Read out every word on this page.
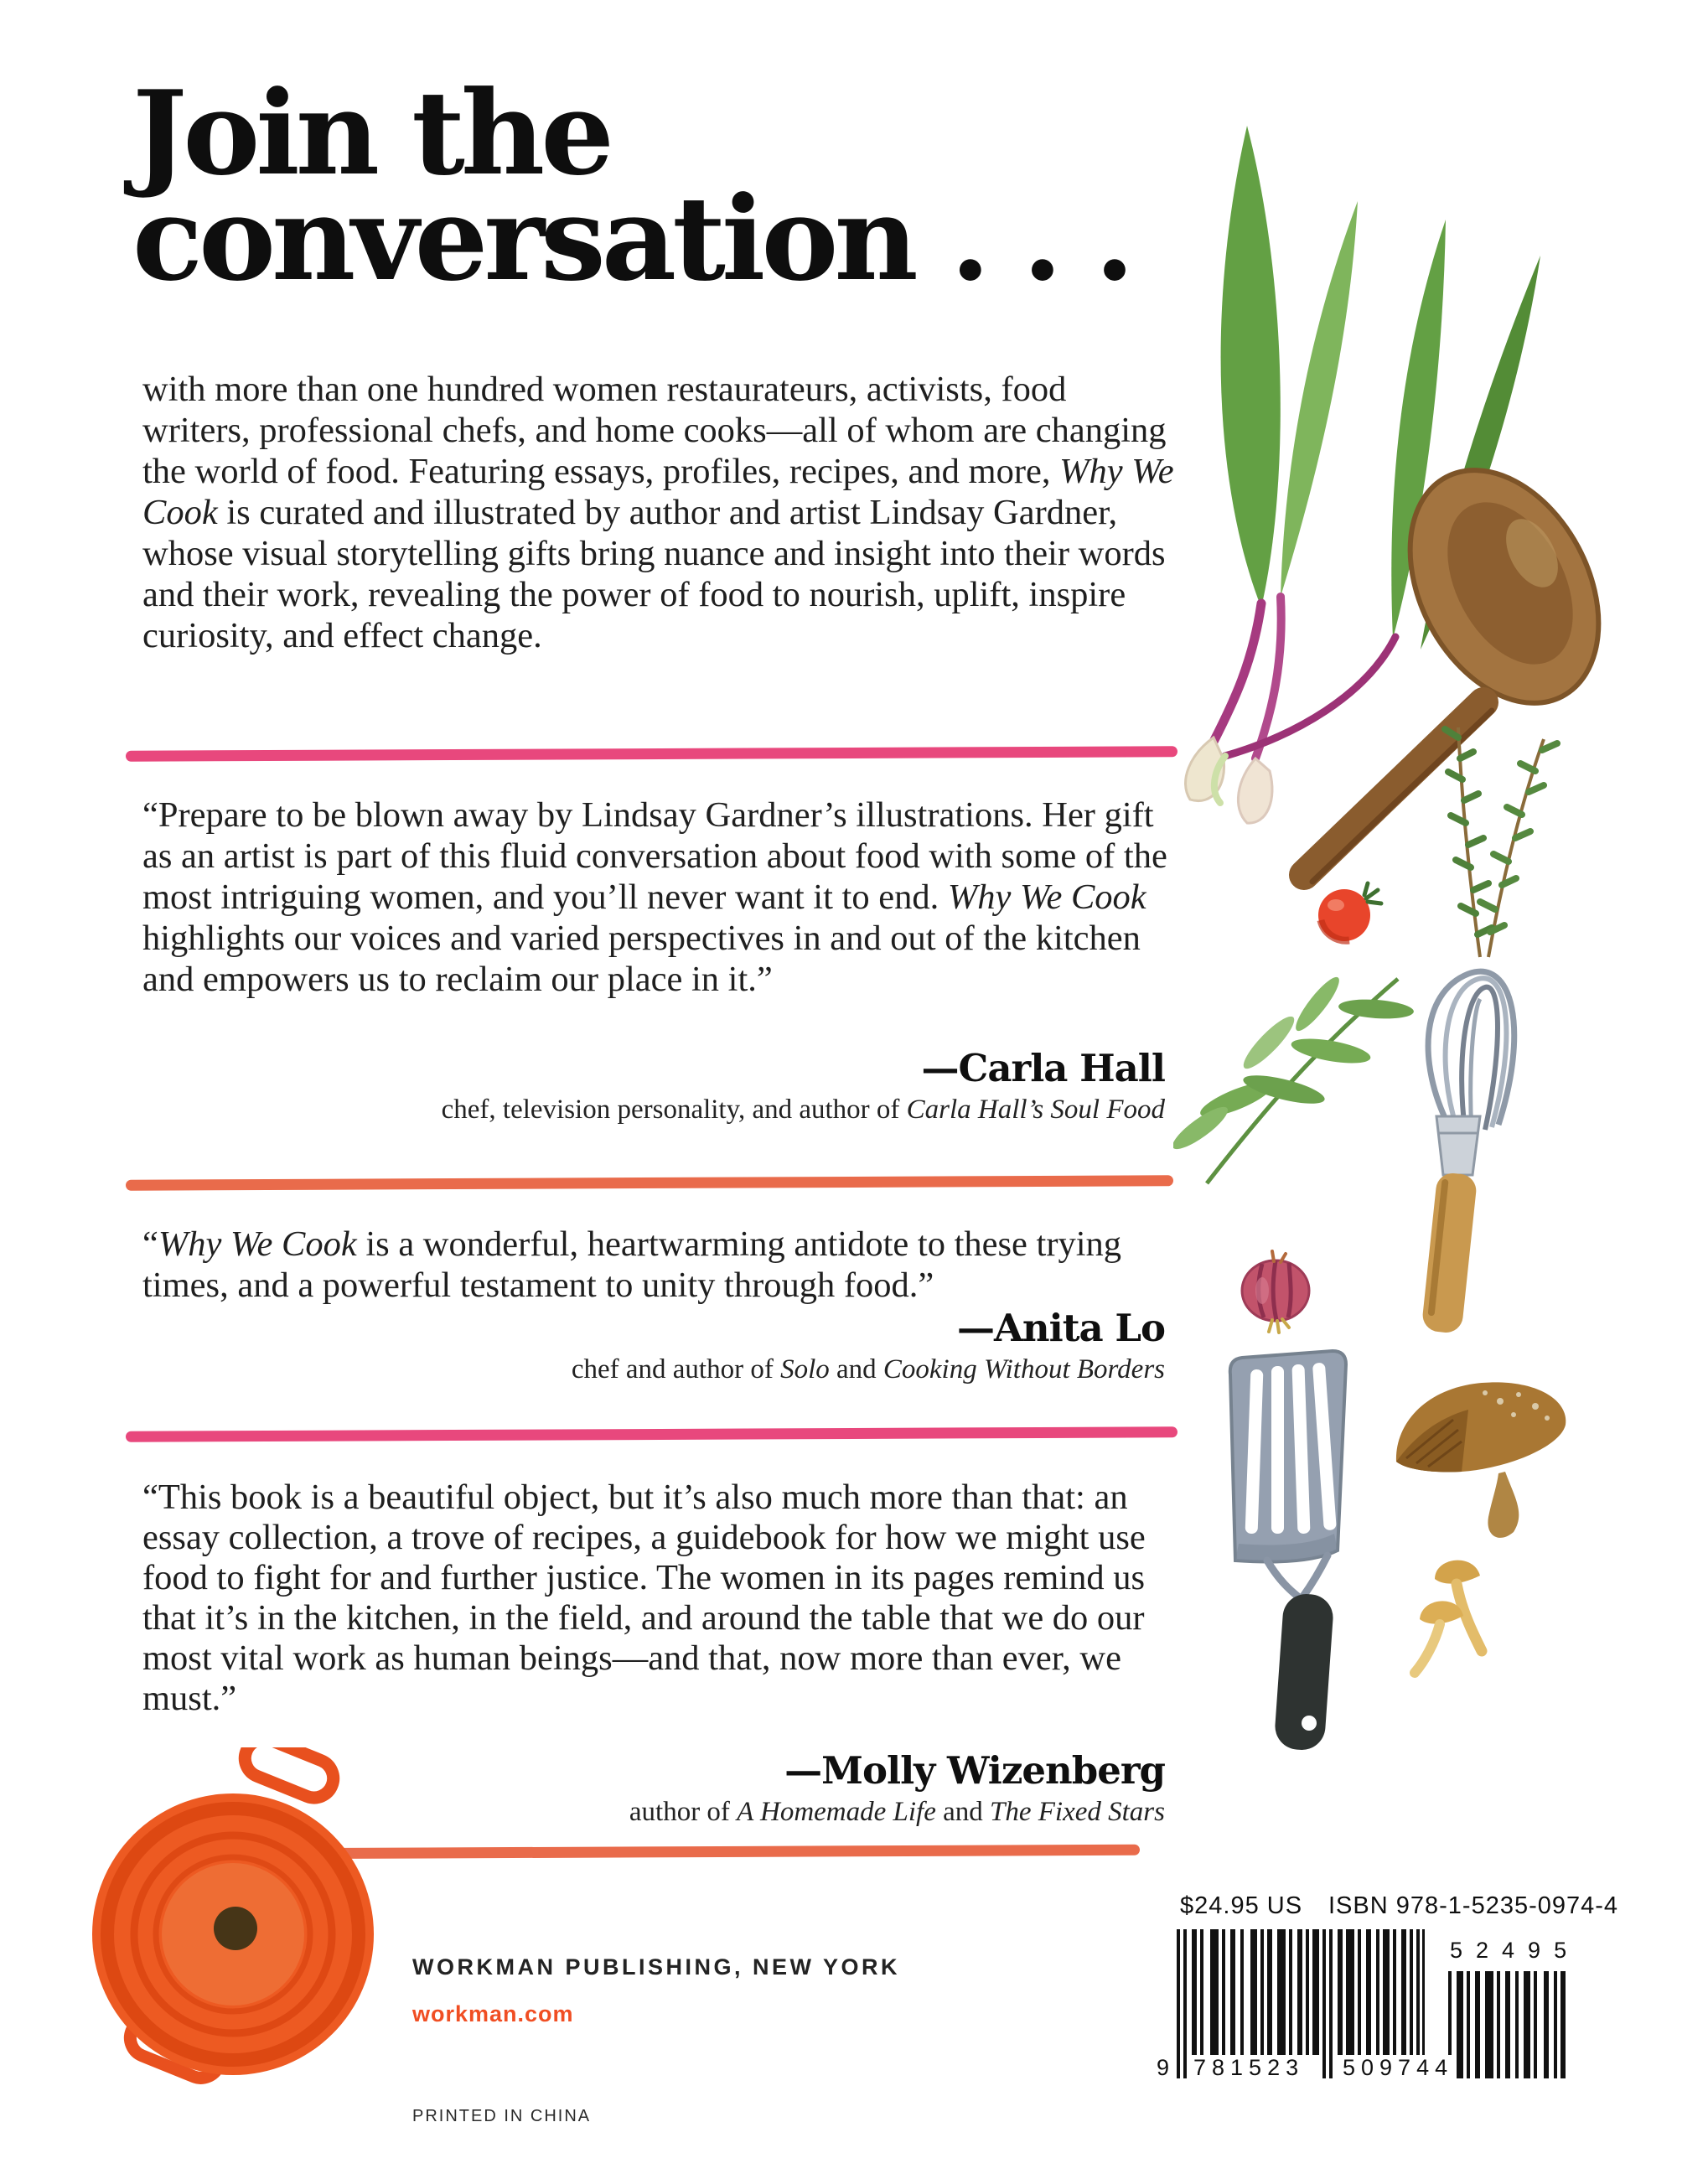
Join the
conversation . . .

with more than one hundred women restaurateurs, activists, food writers, professional chefs, and home cooks—all of whom are changing the world of food. Featuring essays, profiles, recipes, and more, Why We Cook is curated and illustrated by author and artist Lindsay Gardner, whose visual storytelling gifts bring nuance and insight into their words and their work, revealing the power of food to nourish, uplift, inspire curiosity, and effect change.

“Prepare to be blown away by Lindsay Gardner’s illustrations. Her gift as an artist is part of this fluid conversation about food with some of the most intriguing women, and you’ll never want it to end. Why We Cook highlights our voices and varied perspectives in and out of the kitchen and empowers us to reclaim our place in it.”

—Carla Hall

chef, television personality, and author of Carla Hall’s Soul Food

“Why We Cook is a wonderful, heartwarming antidote to these trying times, and a powerful testament to unity through food.”

—Anita Lo

chef and author of Solo and Cooking Without Borders

“This book is a beautiful object, but it’s also much more than that: an essay collection, a trove of recipes, a guidebook for how we might use food to fight for and further justice. The women in its pages remind us that it’s in the kitchen, in the field, and around the table that we do our most vital work as human beings—and that, now more than ever, we must.”

—Molly Wizenberg

author of A Homemade Life and The Fixed Stars

WORKMAN PUBLISHING, NEW YORK
workman.com
PRINTED IN CHINA
$24.95 US ISBN 978-1-5235-0974-4
9 781523 509744
52495
